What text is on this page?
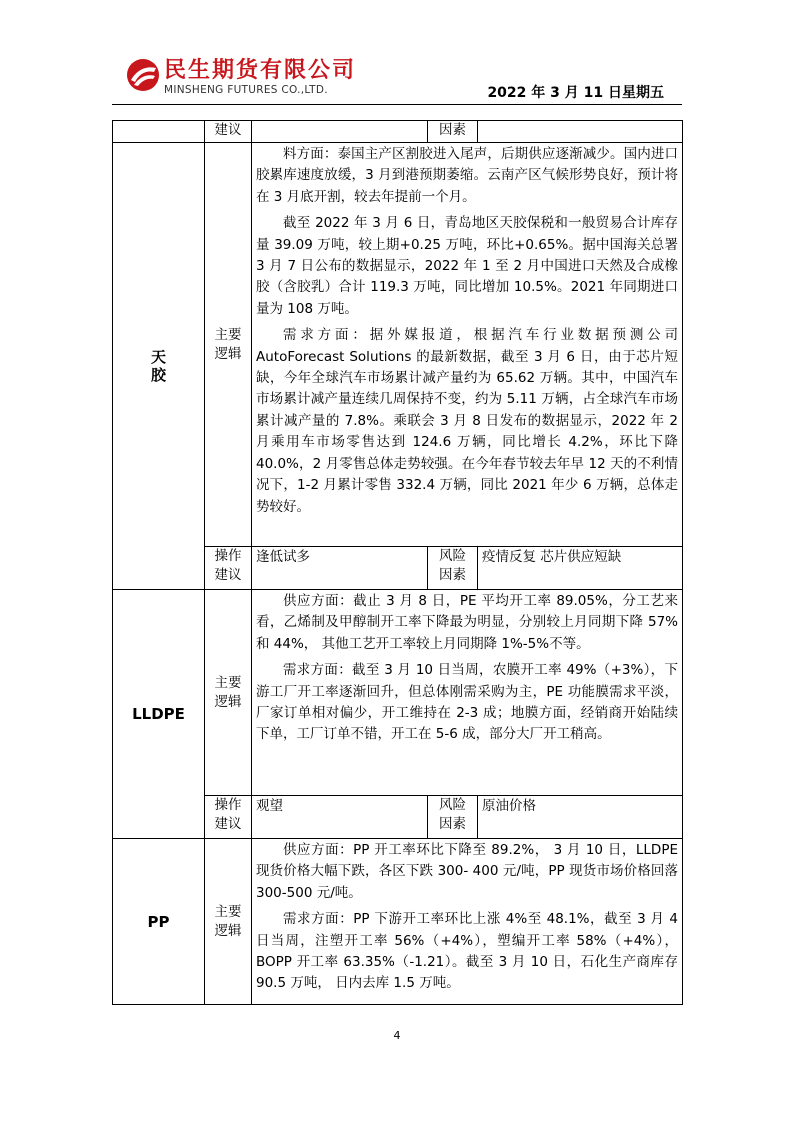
民生期货有限公司
MINSHENG FUTURES CO.,LTD.	2022 年 3 月 11 日星期五
	建议		因素	
天胶	主要逻辑	料方面：泰国主产区割胶进入尾声，后期供应逐渐减少。国内进口胶累库速度放缓，3 月到港预期萎缩。云南产区气候形势良好，预计将在 3 月底开割，较去年提前一个月。

截至 2022 年 3 月 6 日，青岛地区天胶保税和一般贸易合计库存量 39.09 万吨，较上期+0.25 万吨，环比+0.65%。据中国海关总署 3 月 7 日公布的数据显示，2022 年 1 至 2 月中国进口天然及合成橡胶（含胶乳）合计 119.3 万吨，同比增加 10.5%。2021 年同期进口量为 108 万吨。

需求方面：据外媒报道，根据汽车行业数据预测公司 AutoForecast Solutions 的最新数据，截至 3 月 6 日，由于芯片短缺，今年全球汽车市场累计减产量约为 65.62 万辆。其中，中国汽车市场累计减产量连续几周保持不变，约为 5.11 万辆，占全球汽车市场累计减产量的 7.8%。乘联会 3 月 8 日发布的数据显示，2022 年 2 月乘用车市场零售达到 124.6 万辆，同比增长 4.2%，环比下降 40.0%，2 月零售总体走势较强。在今年春节较去年早 12 天的不利情况下，1-2 月累计零售 332.4 万辆，同比 2021 年少 6 万辆，总体走势较好。		

	操作建议	逢低试多	风险因素	疫情反复 芯片供应短缺
LLDPE	主要逻辑	供应方面：截止 3 月 8 日，PE 平均开工率 89.05%，分工艺来看，乙烯制及甲醇制开工率下降最为明显，分别较上月同期下降 57%和 44%， 其他工艺开工率较上月同期降 1%-5%不等。

需求方面：截至 3 月 10 日当周，农膜开工率 49%（+3%），下游工厂开工率逐渐回升，但总体刚需采购为主，PE 功能膜需求平淡，厂家订单相对偏少，开工维持在 2-3 成；地膜方面，经销商开始陆续下单，工厂订单不错，开工在 5-6 成，部分大厂开工稍高。		

	操作建议	观望	风险因素	原油价格
PP	主要逻辑	供应方面：PP 开工率环比下降至 89.2%， 3 月 10 日，LLDPE 现货价格大幅下跌，各区下跌 300- 400 元/吨，PP 现货市场价格回落 300-500 元/吨。

需求方面：PP 下游开工率环比上涨 4%至 48.1%，截至 3 月 4 日当周，注塑开工率 56%（+4%），塑编开工率 58%（+4%），BOPP 开工率 63.35%（-1.21）。截至 3 月 10 日，石化生产商库存 90.5 万吨， 日内去库 1.5 万吨。		

4
